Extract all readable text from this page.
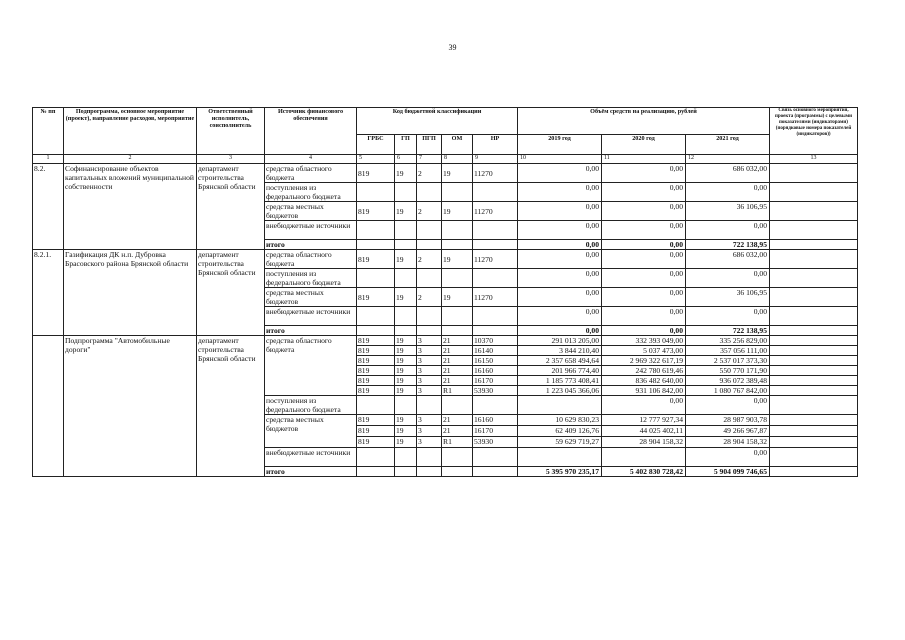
39
№ пп	Подпрограмма, основное мероприятие (проект), направление расходов, мероприятие	Ответственный исполнитель, соисполнитель	Источник финансового обеспечения	Код бюджетной классификации					Объём средств на реализацию, рублей			Связь основного мероприятия, проекта (программы) с целевыми показателями (индикаторами) (порядковые номера показателей (индикаторов))
				ГРБС	ГП	ПГП	ОМ	НР	2019 год	2020 год	2021 год	
1	2	3	4	5	6	7	8	9	10	11	12	13
8.2.	Софинансирование объектов капитальных вложений муниципальной собственности	департамент строительства Брянской области	средства областного бюджета	819	19	2	19	11270	0,00	0,00	686 032,00	
			поступления из федерального бюджета						0,00	0,00	0,00	
			средства местных бюджетов	819	19	2	19	11270	0,00	0,00	36 106,95	
			внебюджетные источники						0,00	0,00	0,00	
			итого						0,00	0,00	722 138,95	
8.2.1.	Газификация ДК н.п. Дубровка Брасовского района Брянской области	департамент строительства Брянской области	средства областного бюджета	819	19	2	19	11270	0,00	0,00	686 032,00	
			поступления из федерального бюджета						0,00	0,00	0,00	
			средства местных бюджетов	819	19	2	19	11270	0,00	0,00	36 106,95	
			внебюджетные источники						0,00	0,00	0,00	
			итого						0,00	0,00	722 138,95	
	Подпрограмма "Автомобильные дороги"	департамент строительства Брянской области	средства областного бюджета	819	19	3	21	10370	291 013 205,00	332 393 049,00	335 256 829,00	
				819	19	3	21	16140	3 844 210,40	5 037 473,00	357 056 111,00	
				819	19	3	21	16150	2 357 658 494,64	2 969 322 617,19	2 537 017 373,30	
				819	19	3	21	16160	201 966 774,40	242 780 619,46	550 770 171,90	
				819	19	3	21	16170	1 185 773 408,41	836 482 640,00	936 072 389,48	
				819	19	3	R1	53930	1 223 045 366,06	931 106 842,00	1 080 767 842,00	
			поступления из федерального бюджета							0,00	0,00	
			средства местных бюджетов	819	19	3	21	16160	10 629 830,23	12 777 927,34	28 987 903,78	
				819	19	3	21	16170	62 409 126,76	44 025 402,11	49 266 967,87	
				819	19	3	R1	53930	59 629 719,27	28 904 158,32	28 904 158,32	
			внебюджетные источники								0,00	
			итого						5 395 970 235,17	5 402 830 728,42	5 904 099 746,65	
